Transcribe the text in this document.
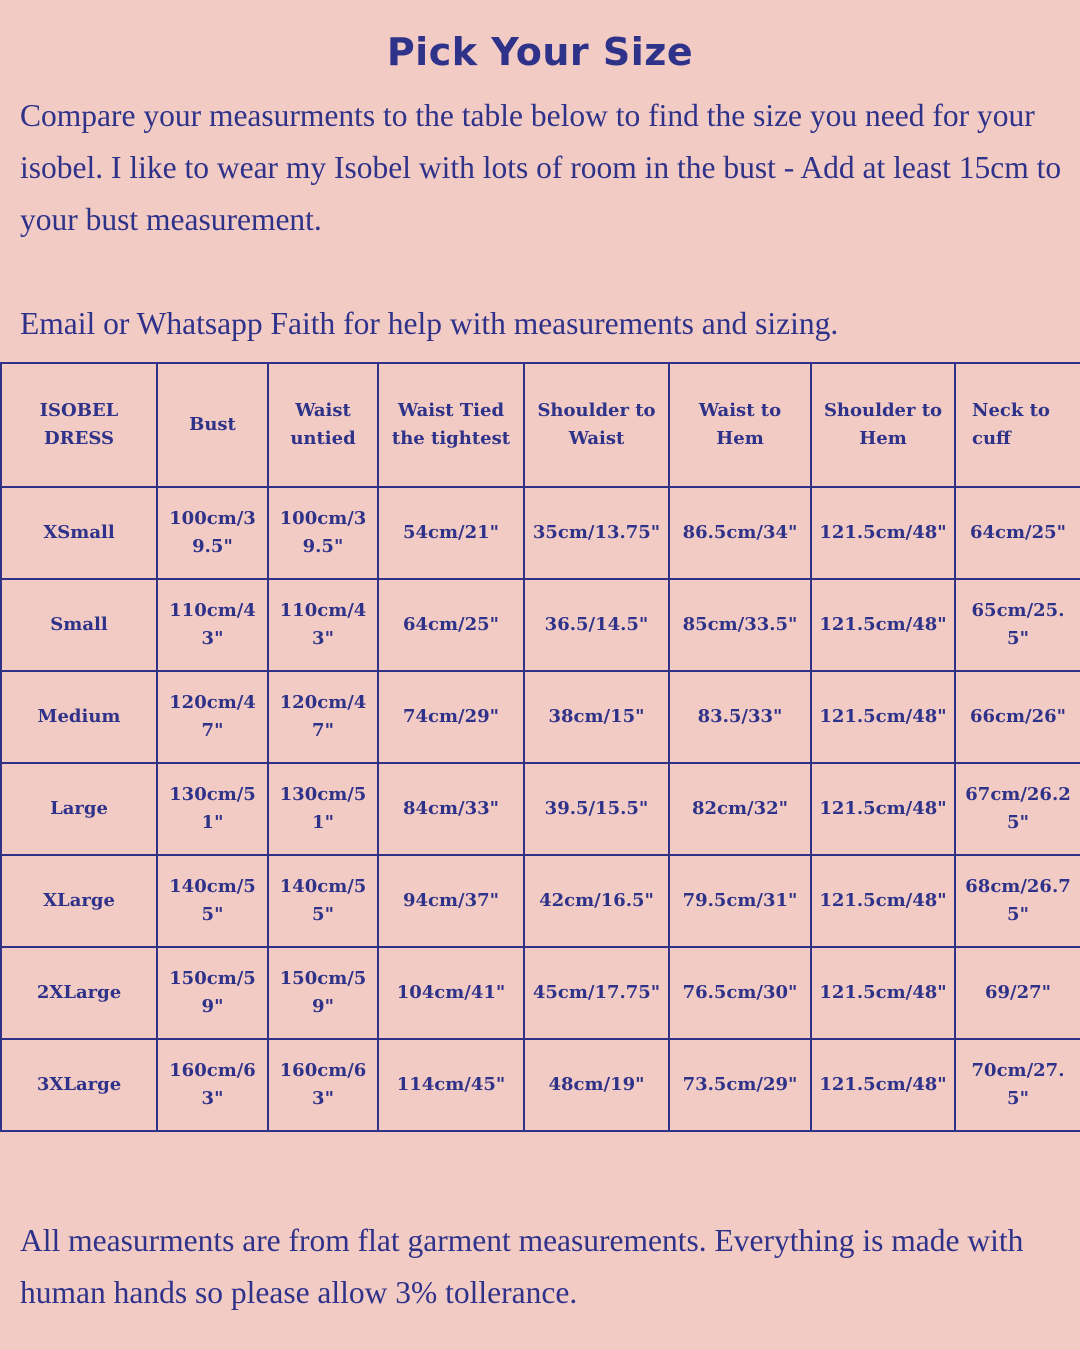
Pick Your Size

Compare your measurments to the table below to find the size you need for your isobel. I like to wear my Isobel with lots of room in the bust - Add at least 15cm to your bust measurement.

Email or Whatsapp Faith for help with measurements and sizing.

ISOBEL DRESS	Bust	Waist untied	Waist Tied the tightest	Shoulder to Waist	Waist to Hem	Shoulder to Hem	Neck to cuff
XSmall	100cm/39.5"	100cm/39.5"	54cm/21"	35cm/13.75"	86.5cm/34"	121.5cm/48"	64cm/25"
Small	110cm/43"	110cm/43"	64cm/25"	36.5/14.5"	85cm/33.5"	121.5cm/48"	65cm/25.5"
Medium	120cm/47"	120cm/47"	74cm/29"	38cm/15"	83.5/33"	121.5cm/48"	66cm/26"
Large	130cm/51"	130cm/51"	84cm/33"	39.5/15.5"	82cm/32"	121.5cm/48"	67cm/26.25"
XLarge	140cm/55"	140cm/55"	94cm/37"	42cm/16.5"	79.5cm/31"	121.5cm/48"	68cm/26.75"
2XLarge	150cm/59"	150cm/59"	104cm/41"	45cm/17.75"	76.5cm/30"	121.5cm/48"	69/27"
3XLarge	160cm/63"	160cm/63"	114cm/45"	48cm/19"	73.5cm/29"	121.5cm/48"	70cm/27.5"

All measurments are from flat garment measurements. Everything is made with human hands so please allow 3% tollerance.
